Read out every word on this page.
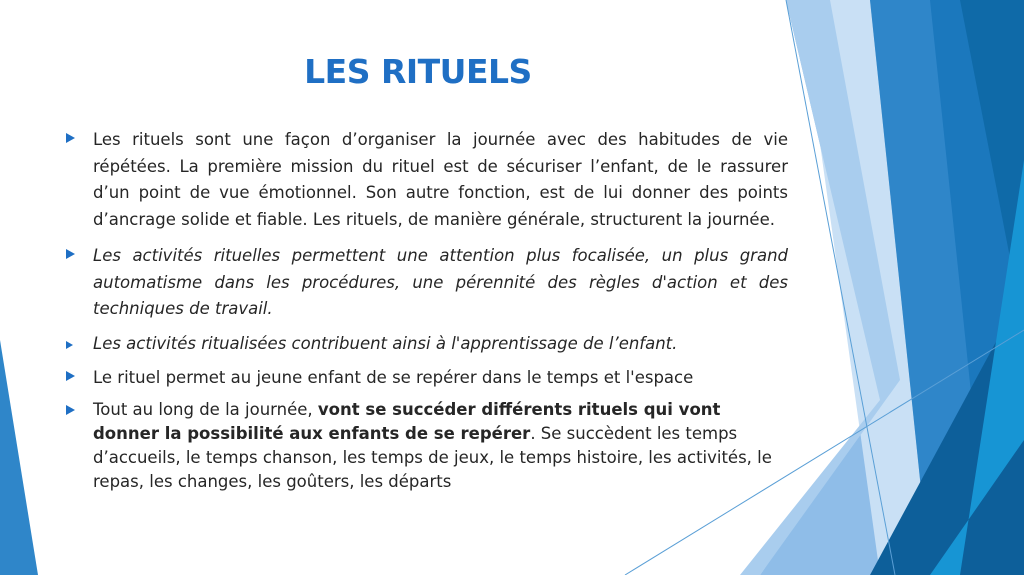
LES RITUELS
Les rituels sont une façon d’organiser la journée avec des habitudes de vie répétées. La première mission du rituel est de sécuriser l’enfant, de le rassurer d’un point de vue émotionnel. Son autre fonction, est de lui donner des points d’ancrage solide et fiable. Les rituels, de manière générale, structurent la journée.
Les activités rituelles permettent une attention plus focalisée, un plus grand automatisme dans les procédures, une pérennité des règles d'action et des techniques de travail.
Les activités ritualisées contribuent ainsi à l'apprentissage de l’enfant.
Le rituel permet au jeune enfant de se repérer dans le temps et l'espace
Tout au long de la journée, vont se succéder différents rituels qui vont donner la possibilité aux enfants de se repérer. Se succèdent les temps d’accueils, le temps chanson, les temps de jeux, le temps histoire, les activités, le repas, les changes, les goûters, les départs
